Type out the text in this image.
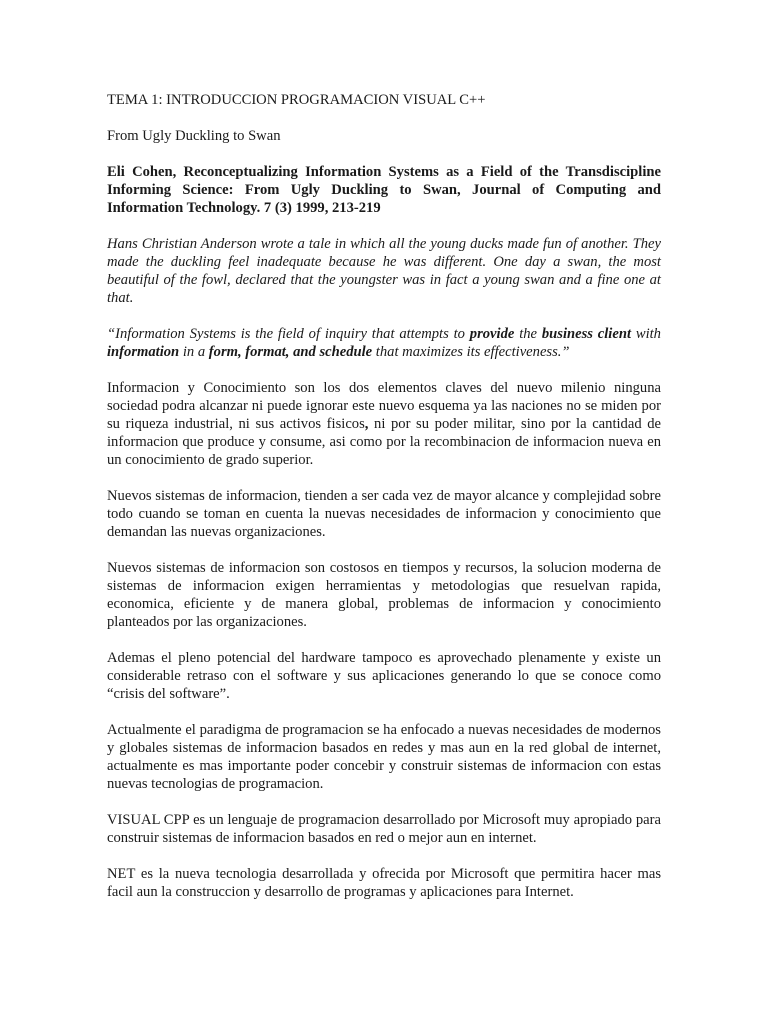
TEMA 1: INTRODUCCION PROGRAMACION VISUAL C++

From Ugly Duckling to Swan

Eli Cohen, Reconceptualizing Information Systems as a Field of the Transdiscipline Informing Science: From Ugly Duckling to Swan, Journal of Computing and Information Technology. 7 (3) 1999, 213-219

Hans Christian Anderson wrote a tale in which all the young ducks made fun of another. They made the duckling feel inadequate because he was different. One day a swan, the most beautiful of the fowl, declared that the youngster was in fact a young swan and a fine one at that.

“Information Systems is the field of inquiry that attempts to provide the business client with information in a form, format, and schedule that maximizes its effectiveness.”

Informacion y Conocimiento son los dos elementos claves del nuevo milenio ninguna sociedad podra alcanzar ni puede ignorar este nuevo esquema ya las naciones no se miden por su riqueza industrial, ni sus activos fisicos, ni por su poder militar, sino por la cantidad de informacion que produce y consume, asi como por la recombinacion de informacion nueva en un conocimiento de grado superior.

Nuevos sistemas de informacion, tienden a ser cada vez de mayor alcance y complejidad sobre todo cuando se toman en cuenta la nuevas necesidades de informacion y conocimiento que demandan las nuevas organizaciones.

Nuevos sistemas de informacion son costosos en tiempos y recursos, la solucion moderna de sistemas de informacion exigen herramientas y metodologias que resuelvan rapida, economica, eficiente y de manera global, problemas de informacion y conocimiento planteados por las organizaciones.

Ademas el pleno potencial del hardware tampoco es aprovechado plenamente y existe un considerable retraso con el software y sus aplicaciones generando lo que se conoce como “crisis del software”.

Actualmente el paradigma de programacion se ha enfocado a nuevas necesidades de modernos y globales sistemas de informacion basados en redes y mas aun en la red global de internet, actualmente es mas importante poder concebir y construir sistemas de informacion con estas nuevas tecnologias de programacion.

VISUAL CPP es un lenguaje de programacion desarrollado por Microsoft muy apropiado para construir sistemas de informacion basados en red o mejor aun en internet.

NET es la nueva tecnologia desarrollada y ofrecida por Microsoft que permitira hacer mas facil aun la construccion y desarrollo de programas y aplicaciones para Internet.
